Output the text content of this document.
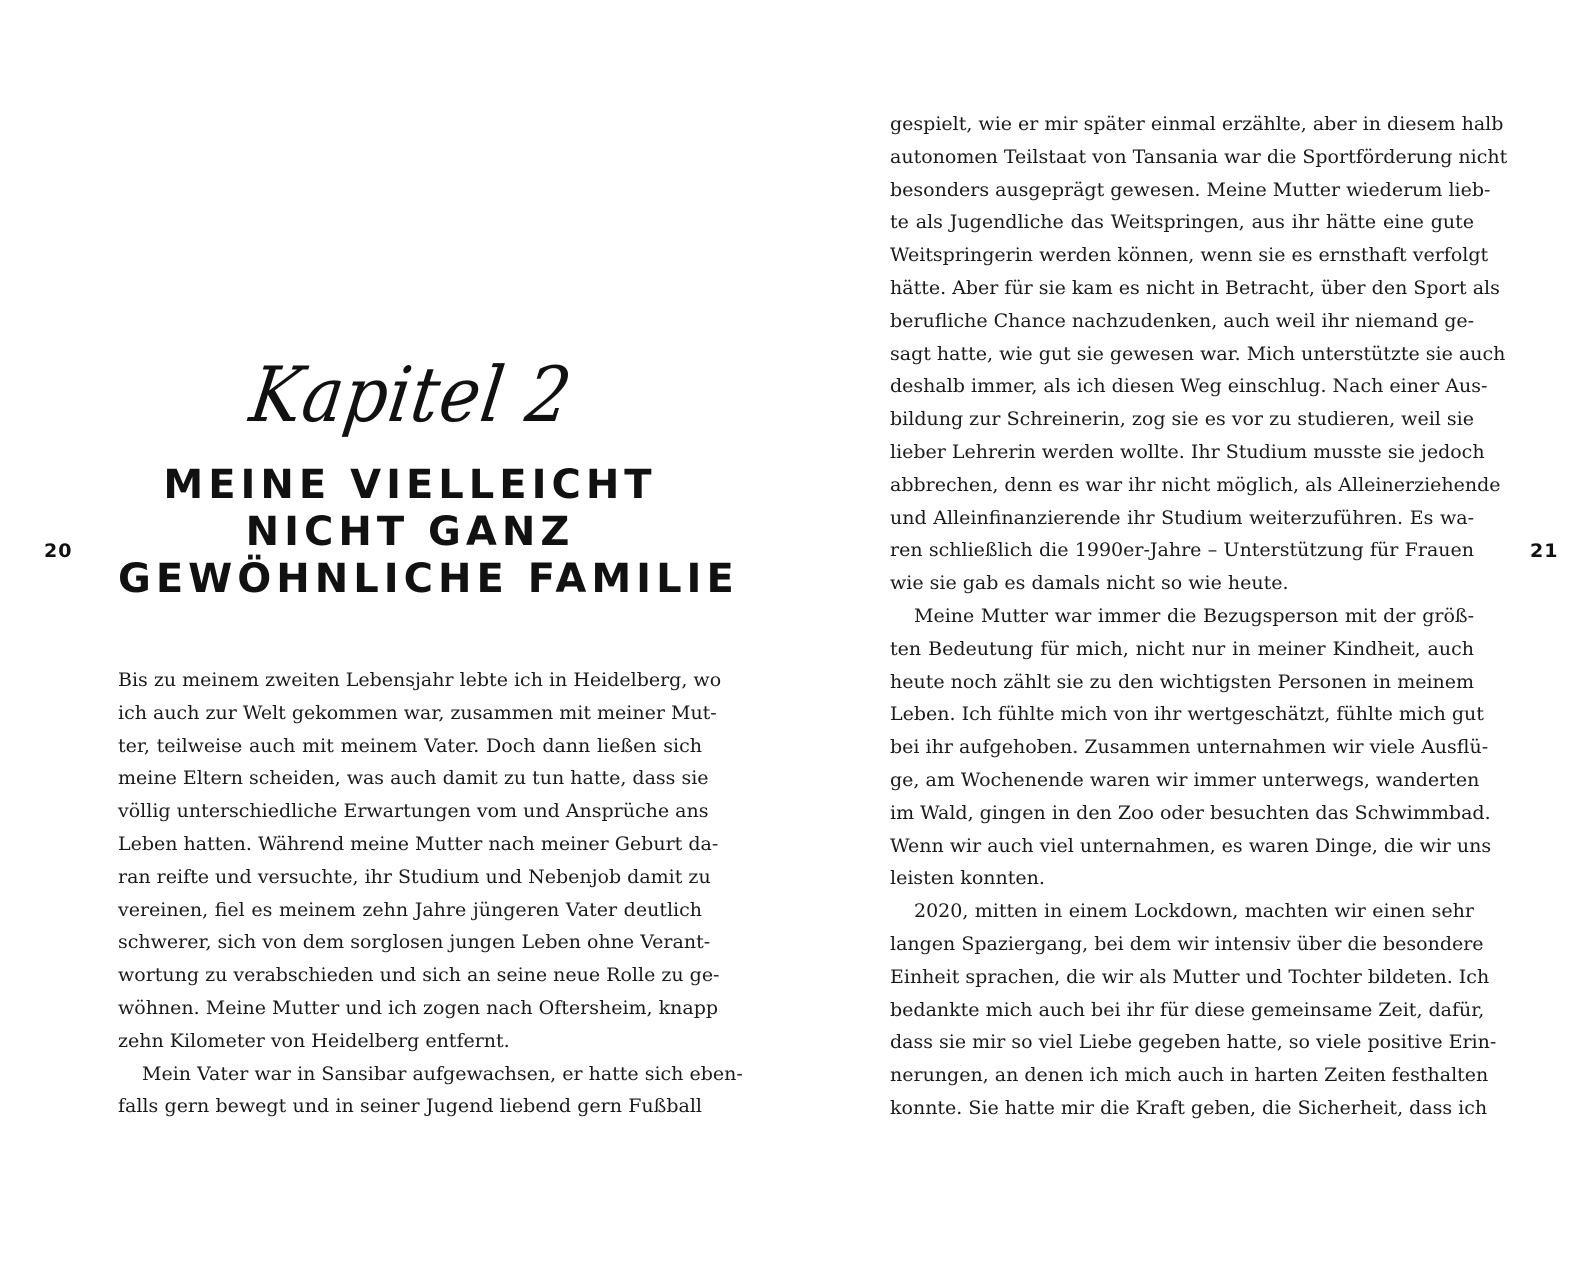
20
Kapitel 2
MEINE VIELLEICHT
NICHT GANZ
GEWÖHNLICHE FAMILIE
Bis zu meinem zweiten Lebensjahr lebte ich in Heidelberg, wo
ich auch zur Welt gekommen war, zusammen mit meiner Mut-
ter, teilweise auch mit meinem Vater. Doch dann ließen sich
meine Eltern scheiden, was auch damit zu tun hatte, dass sie
völlig unterschiedliche Erwartungen vom und Ansprüche ans
Leben hatten. Während meine Mutter nach meiner Geburt da-
ran reifte und versuchte, ihr Studium und Nebenjob damit zu
vereinen, fiel es meinem zehn Jahre jüngeren Vater deutlich
schwerer, sich von dem sorglosen jungen Leben ohne Verant-
wortung zu verabschieden und sich an seine neue Rolle zu ge-
wöhnen. Meine Mutter und ich zogen nach Oftersheim, knapp
zehn Kilometer von Heidelberg entfernt.
Mein Vater war in Sansibar aufgewachsen, er hatte sich eben-
falls gern bewegt und in seiner Jugend liebend gern Fußball
gespielt, wie er mir später einmal erzählte, aber in diesem halb
autonomen Teilstaat von Tansania war die Sportförderung nicht
besonders ausgeprägt gewesen. Meine Mutter wiederum lieb-
te als Jugendliche das Weitspringen, aus ihr hätte eine gute
Weitspringerin werden können, wenn sie es ernsthaft verfolgt
hätte. Aber für sie kam es nicht in Betracht, über den Sport als
berufliche Chance nachzudenken, auch weil ihr niemand ge-
sagt hatte, wie gut sie gewesen war. Mich unterstützte sie auch
deshalb immer, als ich diesen Weg einschlug. Nach einer Aus-
bildung zur Schreinerin, zog sie es vor zu studieren, weil sie
lieber Lehrerin werden wollte. Ihr Studium musste sie jedoch
abbrechen, denn es war ihr nicht möglich, als Alleinerziehende
und Alleinfinanzierende ihr Studium weiterzuführen. Es wa-
ren schließlich die 1990er-Jahre – Unterstützung für Frauen
wie sie gab es damals nicht so wie heute.
Meine Mutter war immer die Bezugsperson mit der größ-
ten Bedeutung für mich, nicht nur in meiner Kindheit, auch
heute noch zählt sie zu den wichtigsten Personen in meinem
Leben. Ich fühlte mich von ihr wertgeschätzt, fühlte mich gut
bei ihr aufgehoben. Zusammen unternahmen wir viele Ausflü-
ge, am Wochenende waren wir immer unterwegs, wanderten
im Wald, gingen in den Zoo oder besuchten das Schwimmbad.
Wenn wir auch viel unternahmen, es waren Dinge, die wir uns
leisten konnten.
2020, mitten in einem Lockdown, machten wir einen sehr
langen Spaziergang, bei dem wir intensiv über die besondere
Einheit sprachen, die wir als Mutter und Tochter bildeten. Ich
bedankte mich auch bei ihr für diese gemeinsame Zeit, dafür,
dass sie mir so viel Liebe gegeben hatte, so viele positive Erin-
nerungen, an denen ich mich auch in harten Zeiten festhalten
konnte. Sie hatte mir die Kraft geben, die Sicherheit, dass ich
21
